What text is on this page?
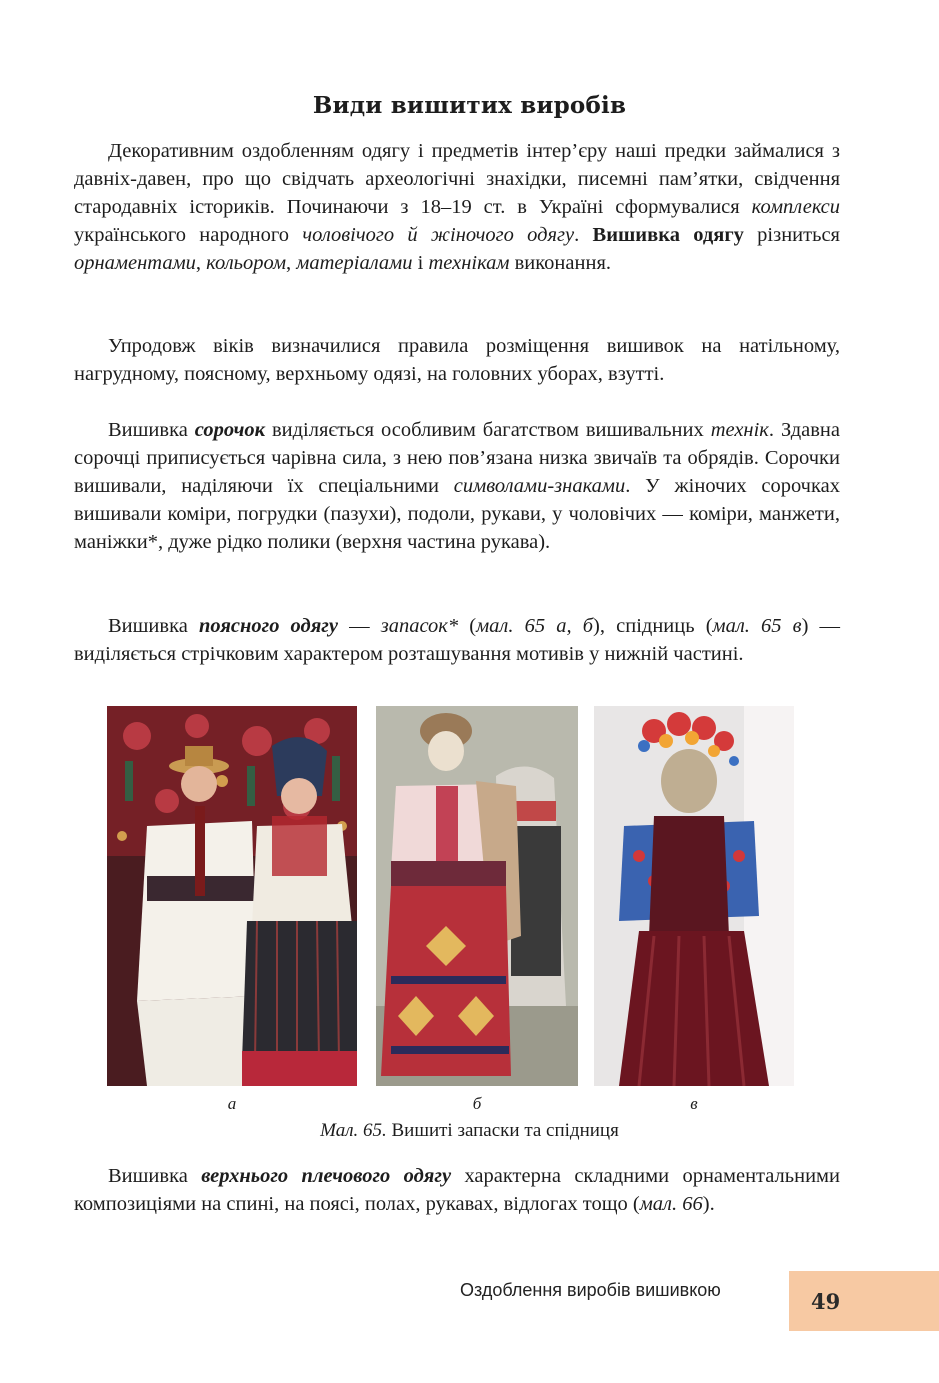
Види вишитих виробів
Декоративним оздобленням одягу і предметів інтер’єру наші предки займалися з давніх-давен, про що свідчать археологічні знахідки, писемні пам’ятки, свідчення стародавніх істориків. Починаючи з 18–19 ст. в Україні сформувалися комплекси українського народного чоловічого й жіночого одягу. Вишивка одягу різниться орнаментами, кольором, матеріалами і технікам виконання.
Упродовж віків визначилися правила розміщення вишивок на натільному, нагрудному, поясному, верхньому одязі, на головних уборах, взутті.
Вишивка сорочок виділяється особливим багатством вишивальних технік. Здавна сорочці приписується чарівна сила, з нею пов’язана низка звичаїв та обрядів. Сорочки вишивали, наділяючи їх спеціальними символами-знаками. У жіночих сорочках вишивали коміри, погрудки (пазухи), подоли, рукави, у чоловічих — коміри, манжети, маніжки*, дуже рідко полики (верхня частина рукава).
Вишивка поясного одягу — запасок* (мал. 65 а, б), спідниць (мал. 65 в) — виділяється стрічковим характером розташування мотивів у нижній частині.
а	б	в
Мал. 65. Вишиті запаски та спідниця
Вишивка верхнього плечового одягу характерна складними орнаментальними композиціями на спині, на поясі, полах, рукавах, відлогах тощо (мал. 66).
Оздоблення виробів вишивкою	49
